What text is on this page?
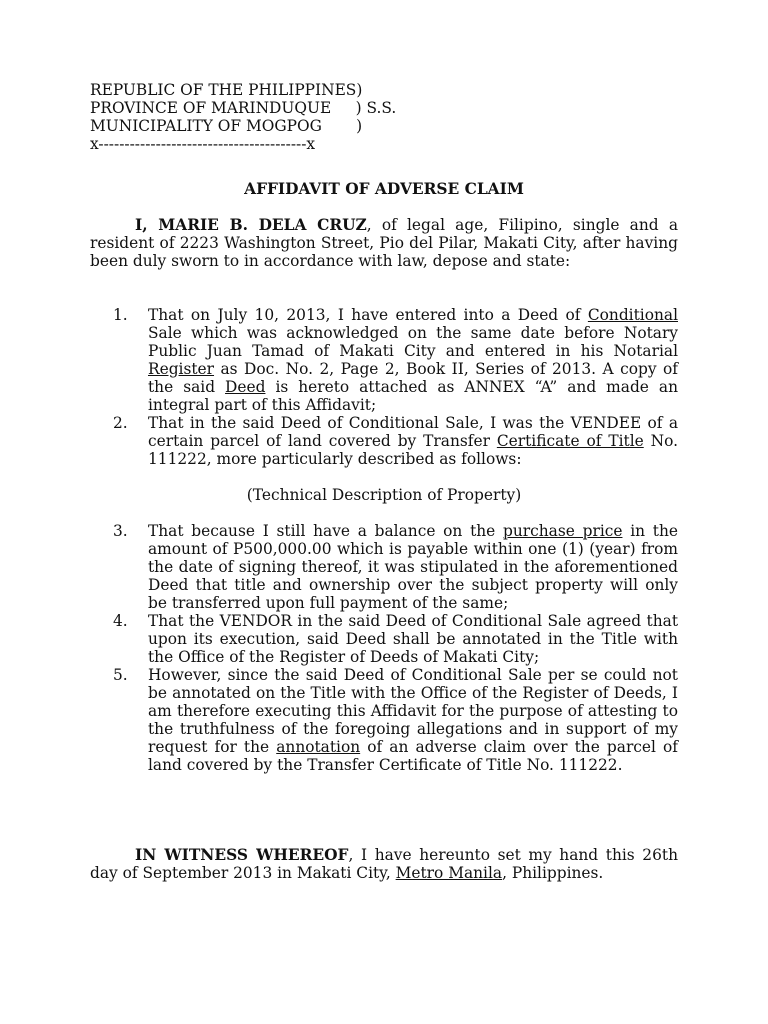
REPUBLIC OF THE PHILIPPINES)
PROVINCE OF MARINDUQUE     ) S.S.
MUNICIPALITY OF MOGPOG       )
x----------------------------------------x
AFFIDAVIT OF ADVERSE CLAIM
I, MARIE B. DELA CRUZ, of legal age, Filipino, single and a resident of 2223 Washington Street, Pio del Pilar, Makati City, after having been duly sworn to in accordance with law, depose and state:
1. That on July 10, 2013, I have entered into a Deed of Conditional Sale which was acknowledged on the same date before Notary Public Juan Tamad of Makati City and entered in his Notarial Register as Doc. No. 2, Page 2, Book II, Series of 2013. A copy of the said Deed is hereto attached as ANNEX “A” and made an integral part of this Affidavit;
2. That in the said Deed of Conditional Sale, I was the VENDEE of a certain parcel of land covered by Transfer Certificate of Title No. 111222, more particularly described as follows:
(Technical Description of Property)
3. That because I still have a balance on the purchase price in the amount of P500,000.00 which is payable within one (1) (year) from the date of signing thereof, it was stipulated in the aforementioned Deed that title and ownership over the subject property will only be transferred upon full payment of the same;
4. That the VENDOR in the said Deed of Conditional Sale agreed that upon its execution, said Deed shall be annotated in the Title with the Office of the Register of Deeds of Makati City;
5. However, since the said Deed of Conditional Sale per se could not be annotated on the Title with the Office of the Register of Deeds, I am therefore executing this Affidavit for the purpose of attesting to the truthfulness of the foregoing allegations and in support of my request for the annotation of an adverse claim over the parcel of land covered by the Transfer Certificate of Title No. 111222.
IN WITNESS WHEREOF, I have hereunto set my hand this 26th day of September 2013 in Makati City, Metro Manila, Philippines.
